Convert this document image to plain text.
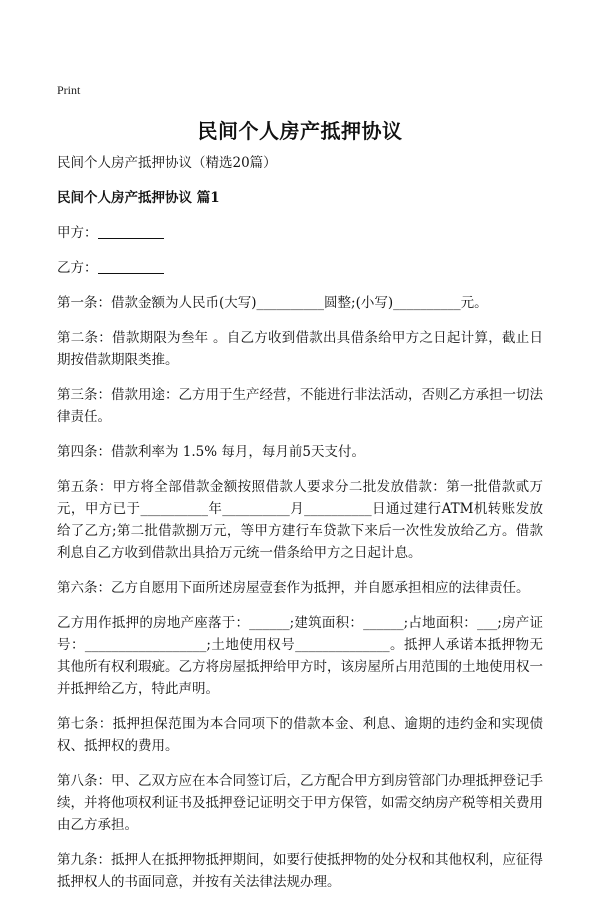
Print
民间个人房产抵押协议

民间个人房产抵押协议（精选20篇）

民间个人房产抵押协议 篇1

甲方：

乙方：

第一条：借款金额为人民币(大写)__________圆整;(小写)__________元。

第二条：借款期限为叁年 。自乙方收到借款出具借条给甲方之日起计算，截止日期按借款期限类推。

第三条：借款用途：乙方用于生产经营，不能进行非法活动，否则乙方承担一切法律责任。

第四条：借款利率为 1.5% 每月，每月前5天支付。

第五条：甲方将全部借款金额按照借款人要求分二批发放借款：第一批借款贰万元，甲方已于__________年__________月__________日通过建行ATM机转账发放给了乙方;第二批借款捌万元，等甲方建行车贷款下来后一次性发放给乙方。借款利息自乙方收到借款出具拾万元统一借条给甲方之日起计息。

第六条：乙方自愿用下面所述房屋壹套作为抵押，并自愿承担相应的法律责任。

乙方用作抵押的房地产座落于：______;建筑面积：______;占地面积：___;房产证号：__________________;土地使用权号______________。抵押人承诺本抵押物无其他所有权利瑕疵。乙方将房屋抵押给甲方时，该房屋所占用范围的土地使用权一并抵押给乙方，特此声明。

第七条：抵押担保范围为本合同项下的借款本金、利息、逾期的违约金和实现债权、抵押权的费用。

第八条：甲、乙双方应在本合同签订后，乙方配合甲方到房管部门办理抵押登记手续，并将他项权利证书及抵押登记证明交于甲方保管，如需交纳房产税等相关费用由乙方承担。

第九条：抵押人在抵押物抵押期间，如要行使抵押物的处分权和其他权利，应征得抵押权人的书面同意，并按有关法律法规办理。
